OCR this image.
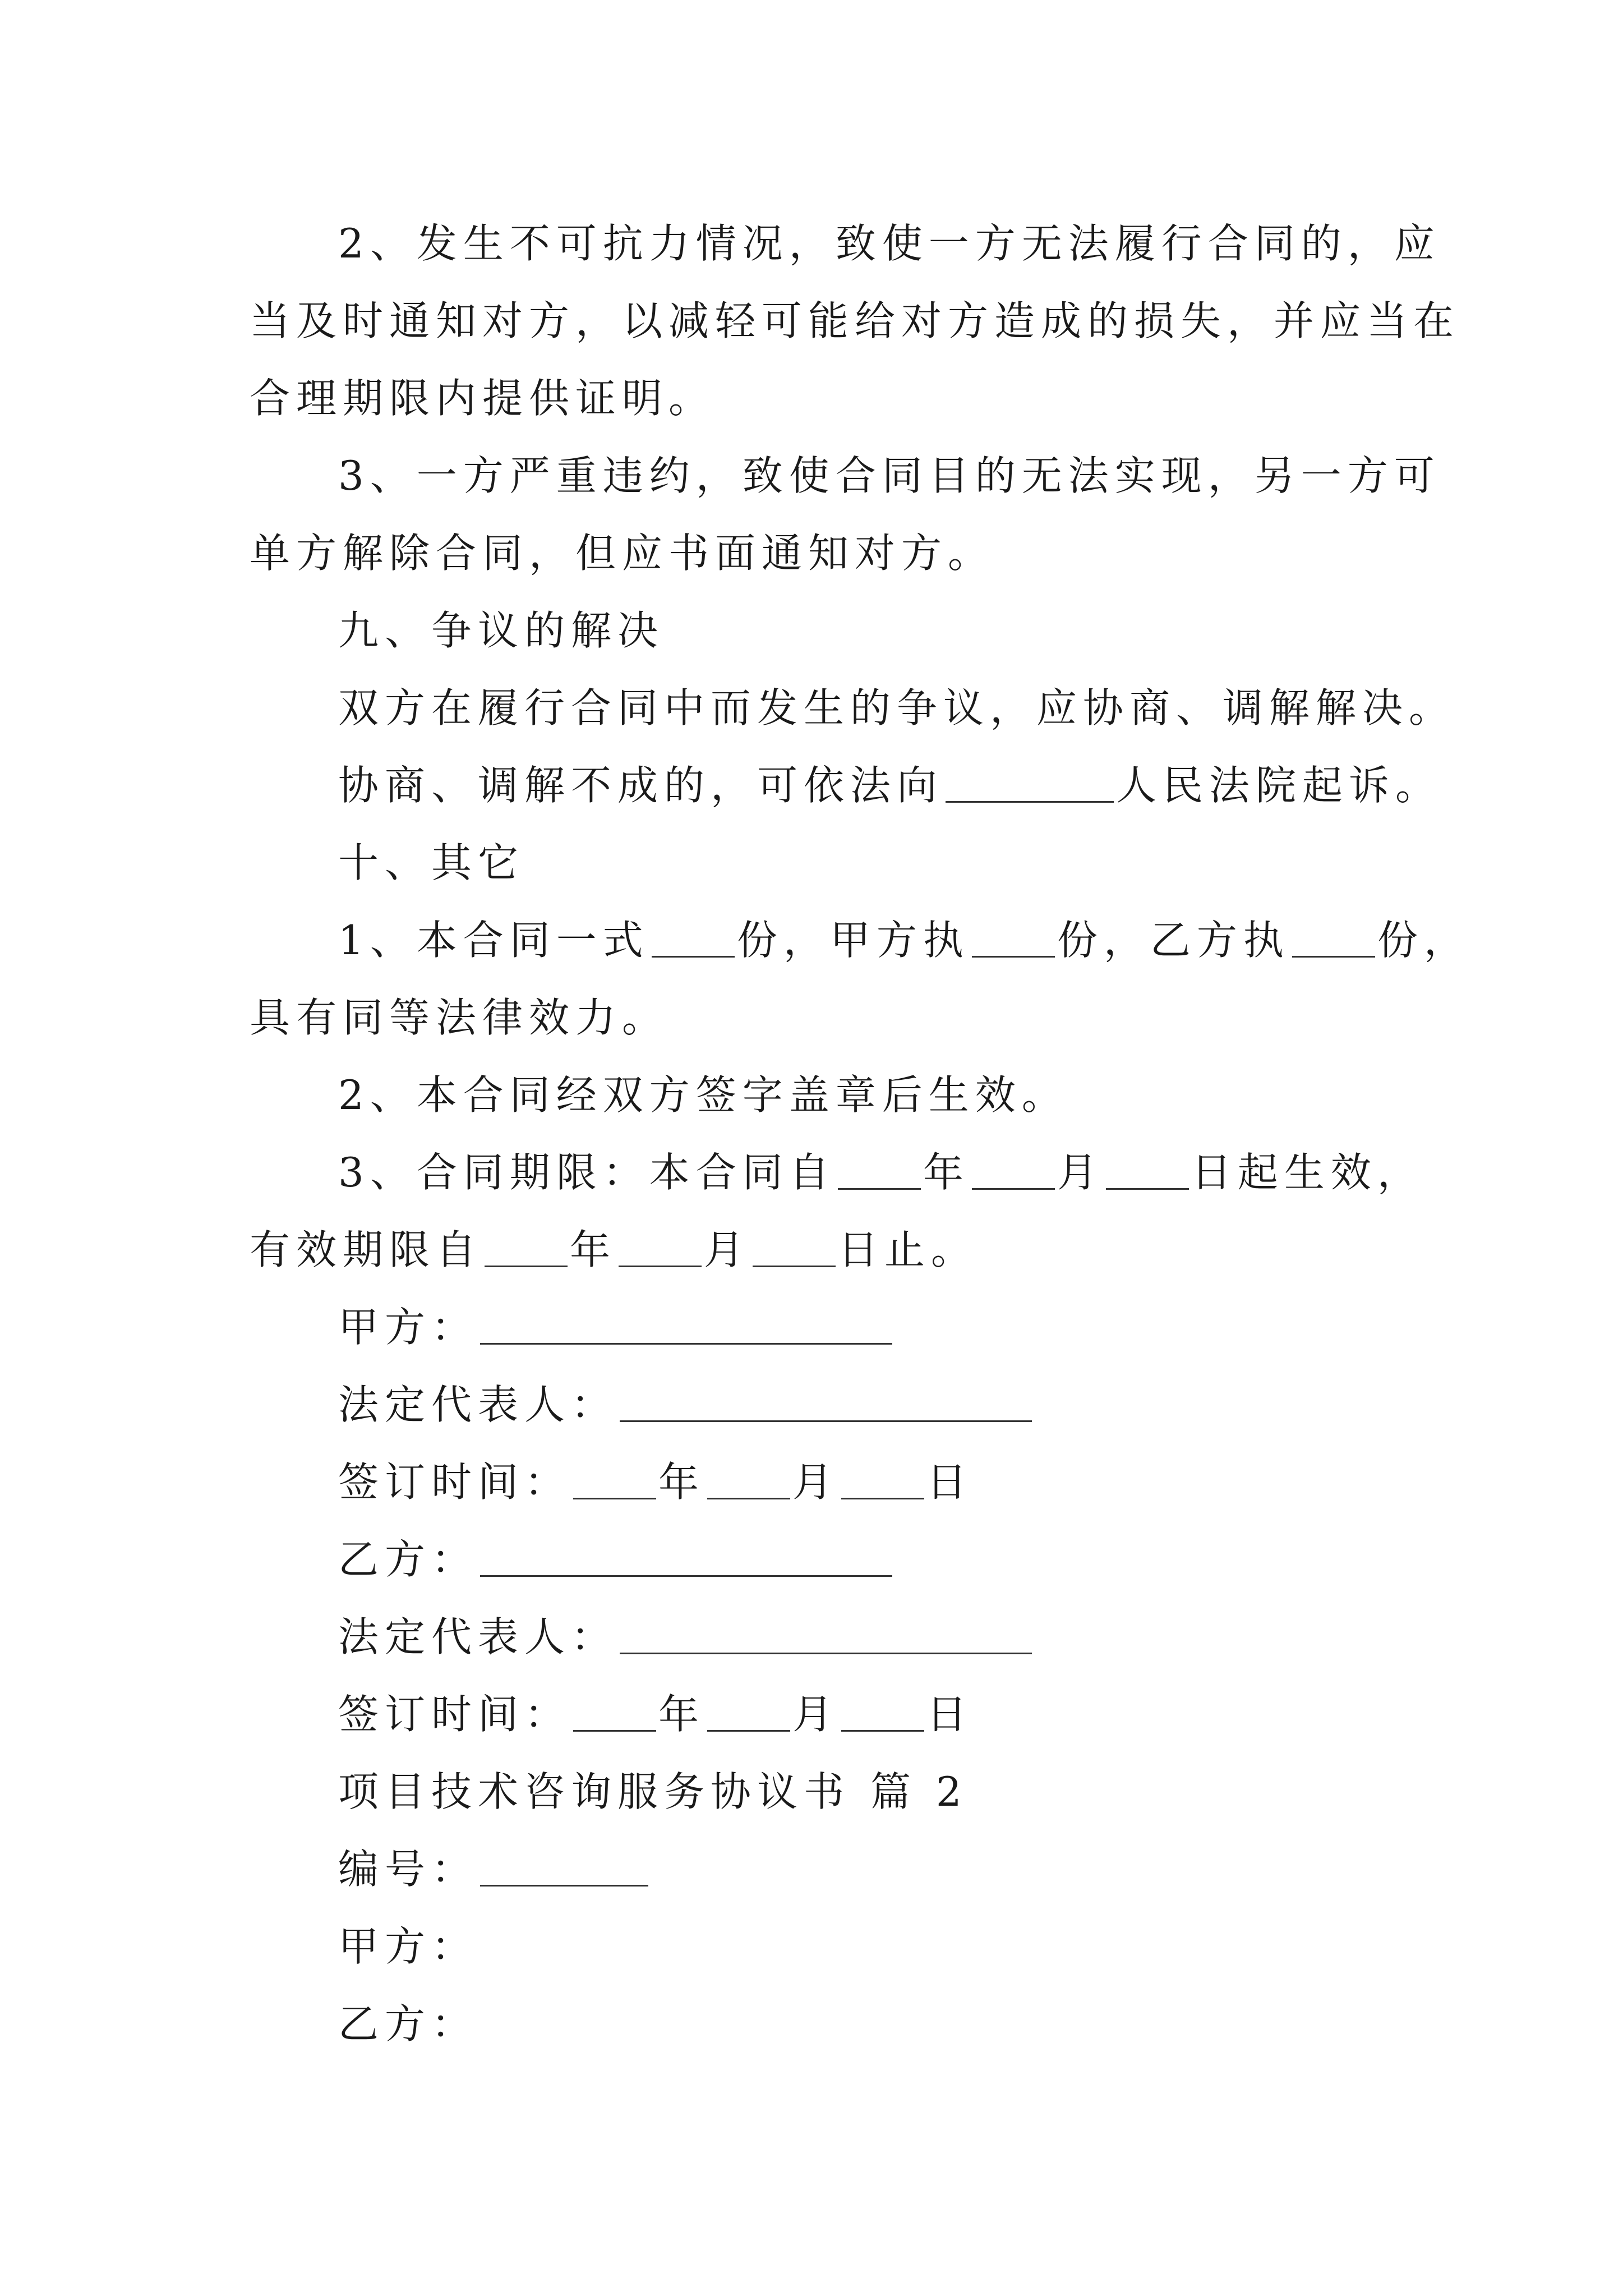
2、发生不可抗力情况，致使一方无法履行合同的，应
当及时通知对方，以减轻可能给对方造成的损失，并应当在
合理期限内提供证明。
3、一方严重违约，致使合同目的无法实现，另一方可
单方解除合同，但应书面通知对方。
九、争议的解决
双方在履行合同中而发生的争议，应协商、调解解决。
协商、调解不成的，可依法向	人民法院起诉。
十、其它
1、本合同一式 份，甲方执 份，乙方执 份，
具有同等法律效力。
2、本合同经双方签字盖章后生效。
3、合同期限：本合同自 年 月 日起生效，
有效期限自 年 月 日止。
甲方：
法定代表人：
签订时间： 年 月 日
乙方：
法定代表人：
签订时间： 年 月 日
项目技术咨询服务协议书 篇 2
编号：
甲方：
乙方：
